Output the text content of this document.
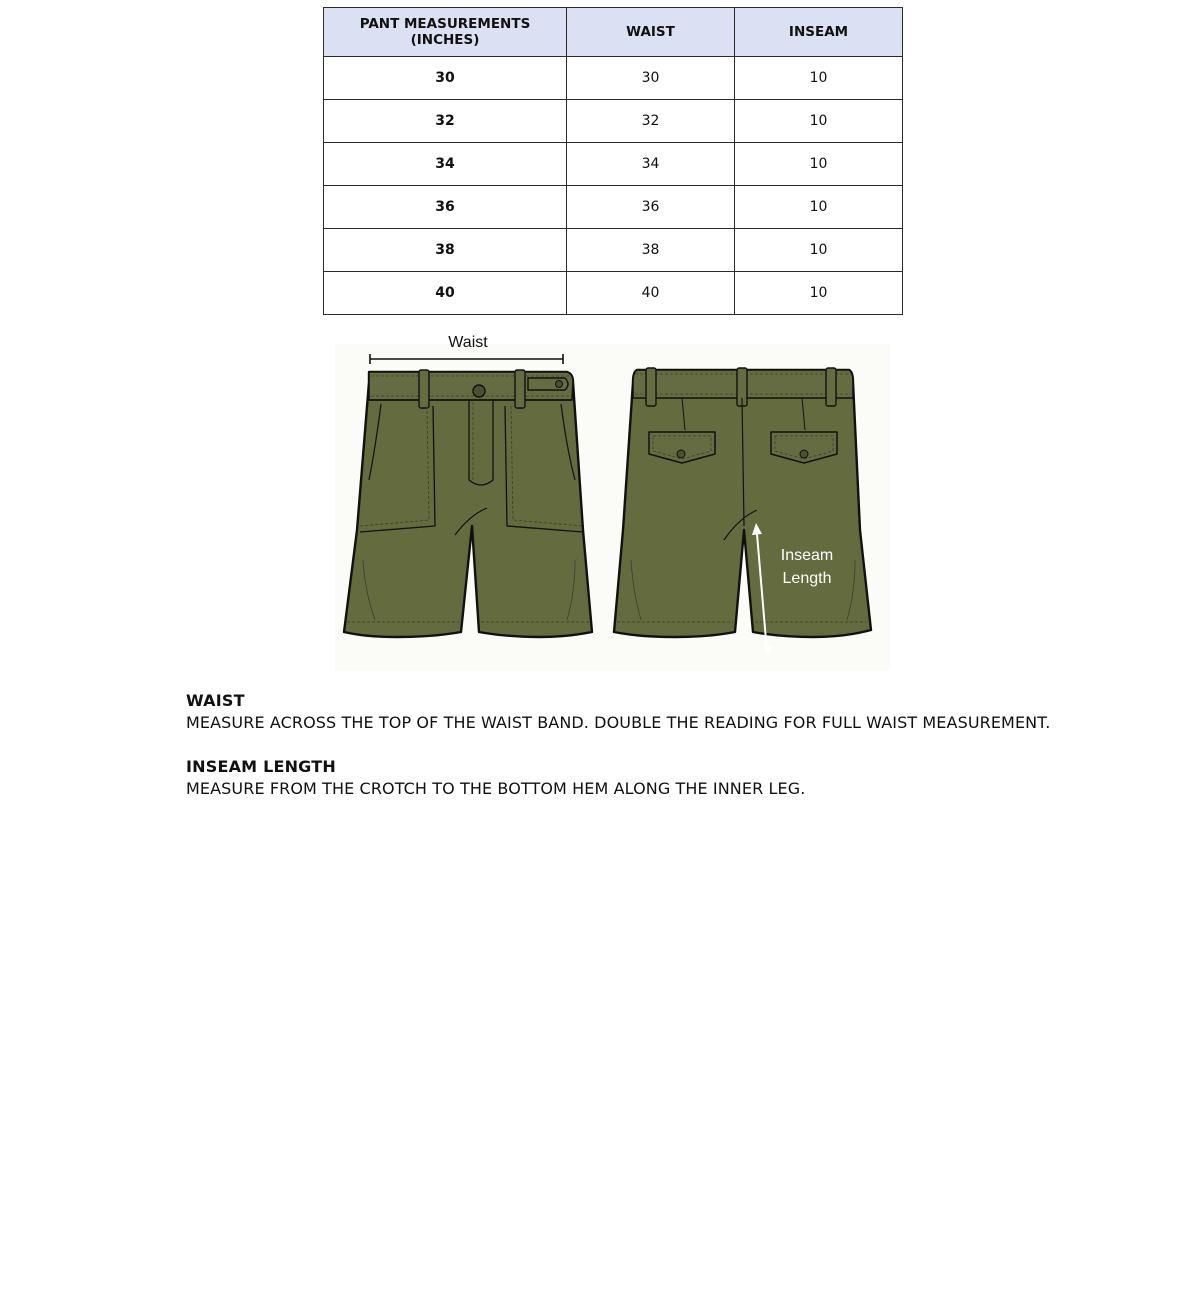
PANT MEASUREMENTS (INCHES)	WAIST	INSEAM
30	30	10
32	32	10
34	34	10
36	36	10
38	38	10
40	40	10
Waist
Inseam
Length
WAIST
MEASURE ACROSS THE TOP OF THE WAIST BAND. DOUBLE THE READING FOR FULL WAIST MEASUREMENT.
INSEAM LENGTH
MEASURE FROM THE CROTCH TO THE BOTTOM HEM ALONG THE INNER LEG.
